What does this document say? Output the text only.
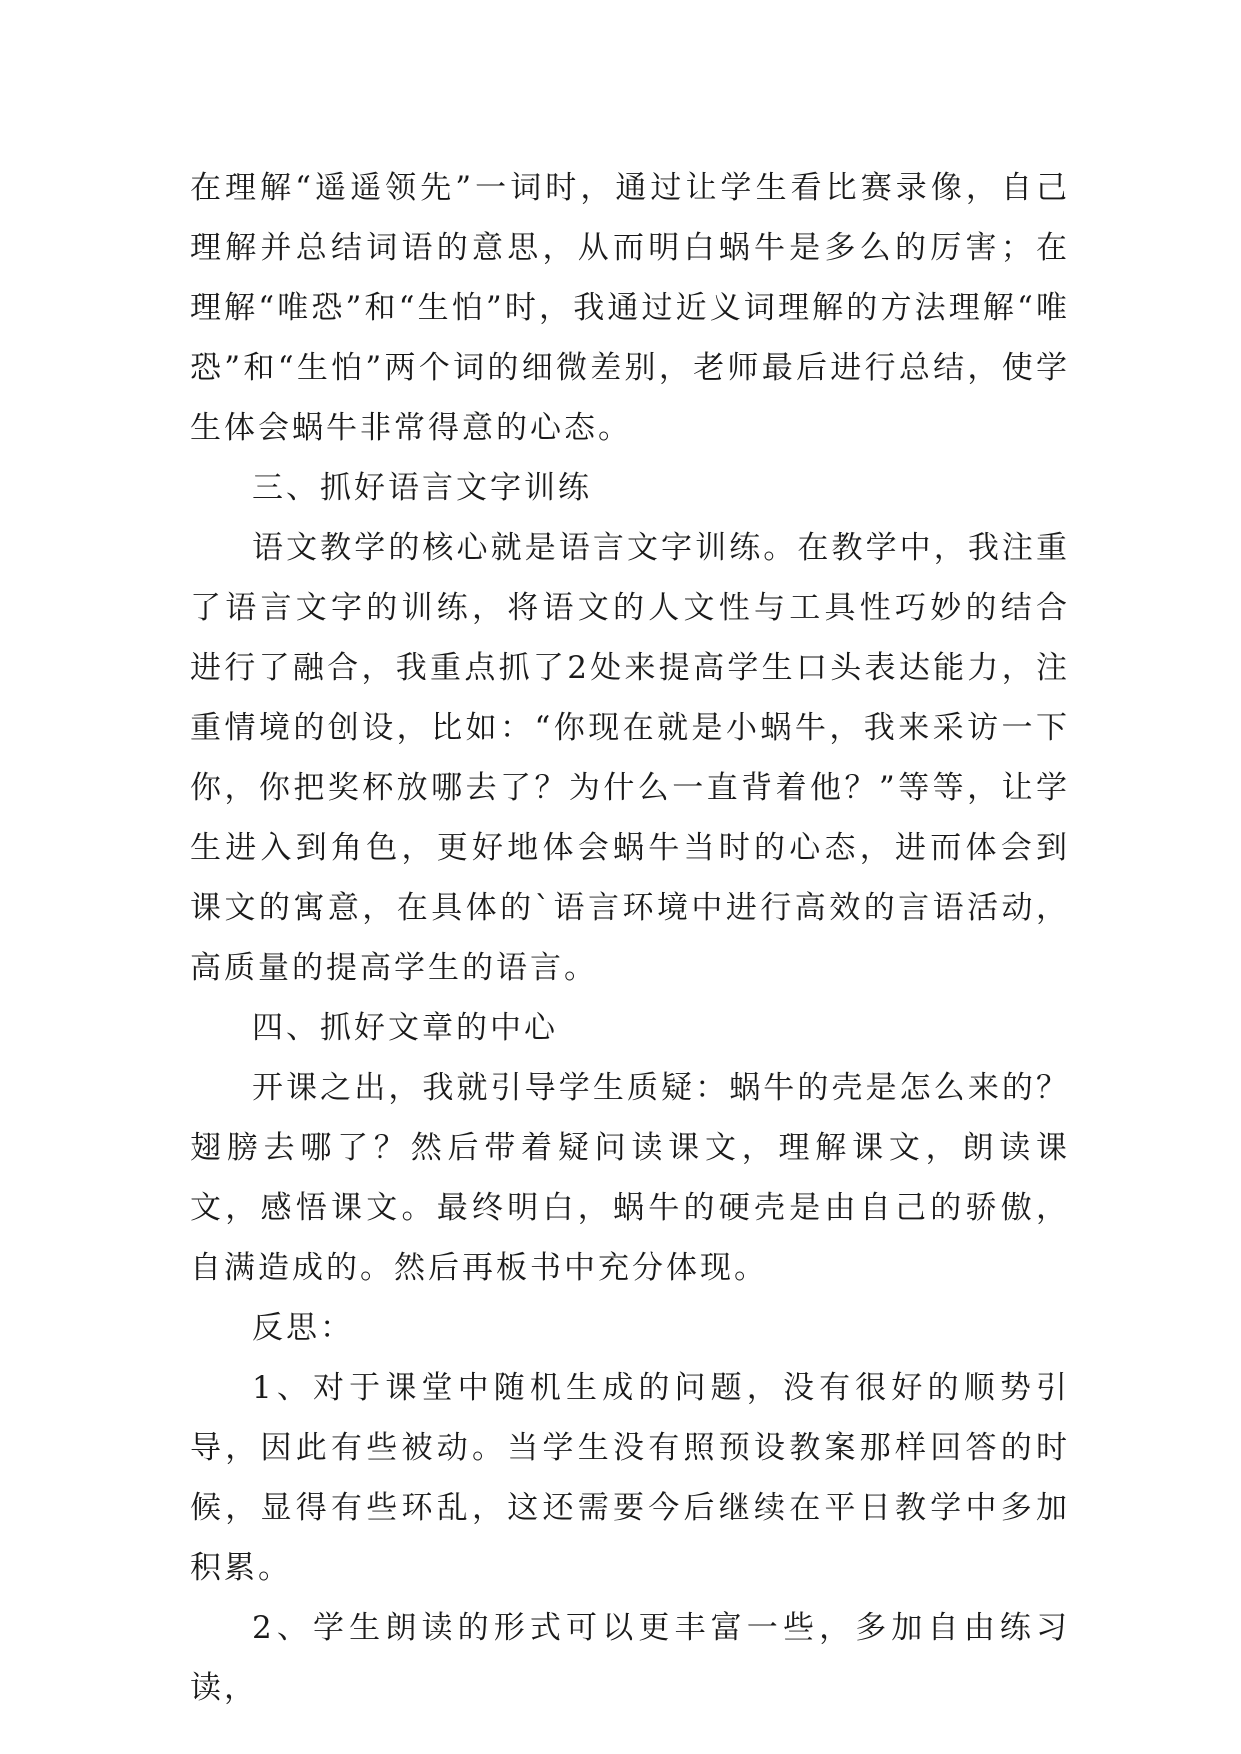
在理解“遥遥领先”一词时，通过让学生看比赛录像，自己理解并总结词语的意思，从而明白蜗牛是多么的厉害；在理解“唯恐”和“生怕”时，我通过近义词理解的方法理解“唯恐”和“生怕”两个词的细微差别，老师最后进行总结，使学生体会蜗牛非常得意的心态。

三、抓好语言文字训练

语文教学的核心就是语言文字训练。在教学中，我注重了语言文字的训练，将语文的人文性与工具性巧妙的结合进行了融合，我重点抓了2处来提高学生口头表达能力，注重情境的创设，比如：“你现在就是小蜗牛，我来采访一下你，你把奖杯放哪去了？为什么一直背着他？”等等，让学生进入到角色，更好地体会蜗牛当时的心态，进而体会到课文的寓意，在具体的`语言环境中进行高效的言语活动，高质量的提高学生的语言。

四、抓好文章的中心

开课之出，我就引导学生质疑：蜗牛的壳是怎么来的？翅膀去哪了？然后带着疑问读课文，理解课文，朗读课文，感悟课文。最终明白，蜗牛的硬壳是由自己的骄傲，自满造成的。然后再板书中充分体现。

反思：

1、对于课堂中随机生成的问题，没有很好的顺势引导，因此有些被动。当学生没有照预设教案那样回答的时候，显得有些环乱，这还需要今后继续在平日教学中多加积累。

2、学生朗读的形式可以更丰富一些，多加自由练习读，
